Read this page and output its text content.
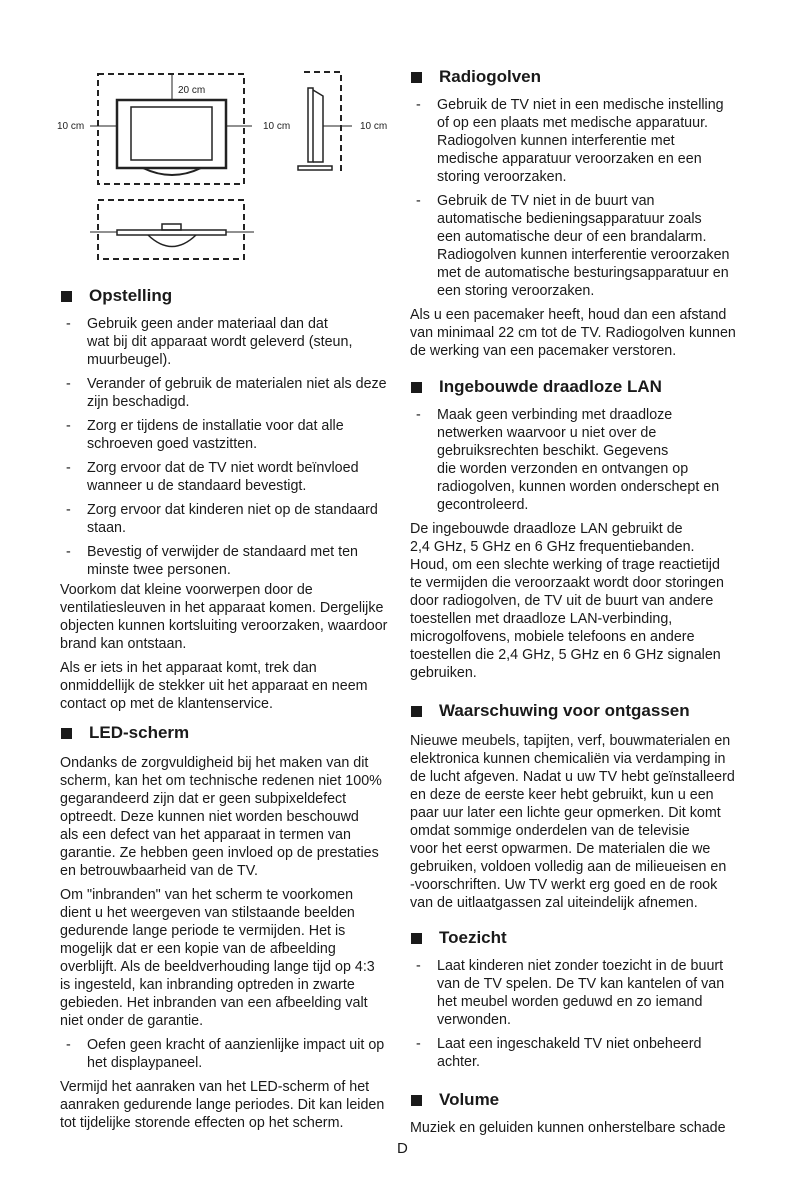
20 cm
10 cm	10 cm	10 cm
Opstelling
-	Gebruik geen ander materiaal dan dat
wat bij dit apparaat wordt geleverd (steun,
muurbeugel).
-	Verander of gebruik de materialen niet als deze
zijn beschadigd.
-	Zorg er tijdens de installatie voor dat alle
schroeven goed vastzitten.
-	Zorg ervoor dat de TV niet wordt beïnvloed
wanneer u de standaard bevestigt.
-	Zorg ervoor dat kinderen niet op de standaard
staan.
-	Bevestig of verwijder de standaard met ten
minste twee personen.
Voorkom dat kleine voorwerpen door de
ventilatiesleuven in het apparaat komen. Dergelijke
objecten kunnen kortsluiting veroorzaken, waardoor
brand kan ontstaan.
Als er iets in het apparaat komt, trek dan
onmiddellijk de stekker uit het apparaat en neem
contact op met de klantenservice.
LED-scherm
Ondanks de zorgvuldigheid bij het maken van dit
scherm, kan het om technische redenen niet 100%
gegarandeerd zijn dat er geen subpixeldefect
optreedt. Deze kunnen niet worden beschouwd
als een defect van het apparaat in termen van
garantie. Ze hebben geen invloed op de prestaties
en betrouwbaarheid van de TV.
Om "inbranden" van het scherm te voorkomen
dient u het weergeven van stilstaande beelden
gedurende lange periode te vermijden. Het is
mogelijk dat er een kopie van de afbeelding
overblijft. Als de beeldverhouding lange tijd op 4:3
is ingesteld, kan inbranding optreden in zwarte
gebieden. Het inbranden van een afbeelding valt
niet onder de garantie.
-	Oefen geen kracht of aanzienlijke impact uit op
het displaypaneel.
Vermijd het aanraken van het LED-scherm of het
aanraken gedurende lange periodes. Dit kan leiden
tot tijdelijke storende effecten op het scherm.
Radiogolven
-	Gebruik de TV niet in een medische instelling
of op een plaats met medische apparatuur.
Radiogolven kunnen interferentie met
medische apparatuur veroorzaken en een
storing veroorzaken.
-	Gebruik de TV niet in de buurt van
automatische bedieningsapparatuur zoals
een automatische deur of een brandalarm.
Radiogolven kunnen interferentie veroorzaken
met de automatische besturingsapparatuur en
een storing veroorzaken.
Als u een pacemaker heeft, houd dan een afstand
van minimaal 22 cm tot de TV. Radiogolven kunnen
de werking van een pacemaker verstoren.
Ingebouwde draadloze LAN
-	Maak geen verbinding met draadloze
netwerken waarvoor u niet over de
gebruiksrechten beschikt. Gegevens
die worden verzonden en ontvangen op
radiogolven, kunnen worden onderschept en
gecontroleerd.
De ingebouwde draadloze LAN gebruikt de
2,4 GHz, 5 GHz en 6 GHz frequentiebanden.
Houd, om een slechte werking of trage reactietijd
te vermijden die veroorzaakt wordt door storingen
door radiogolven, de TV uit de buurt van andere
toestellen met draadloze LAN-verbinding,
microgolfovens, mobiele telefoons en andere
toestellen die 2,4 GHz, 5 GHz en 6 GHz signalen
gebruiken.
Waarschuwing voor ontgassen
Nieuwe meubels, tapijten, verf, bouwmaterialen en
elektronica kunnen chemicaliën via verdamping in
de lucht afgeven. Nadat u uw TV hebt geïnstalleerd
en deze de eerste keer hebt gebruikt, kun u een
paar uur later een lichte geur opmerken. Dit komt
omdat sommige onderdelen van de televisie
voor het eerst opwarmen. De materialen die we
gebruiken, voldoen volledig aan de milieueisen en
-voorschriften. Uw TV werkt erg goed en de rook
van de uitlaatgassen zal uiteindelijk afnemen.
Toezicht
-	Laat kinderen niet zonder toezicht in de buurt
van de TV spelen. De TV kan kantelen of van
het meubel worden geduwd en zo iemand
verwonden.
-	Laat een ingeschakeld TV niet onbeheerd
achter.
Volume
Muziek en geluiden kunnen onherstelbare schade
D
